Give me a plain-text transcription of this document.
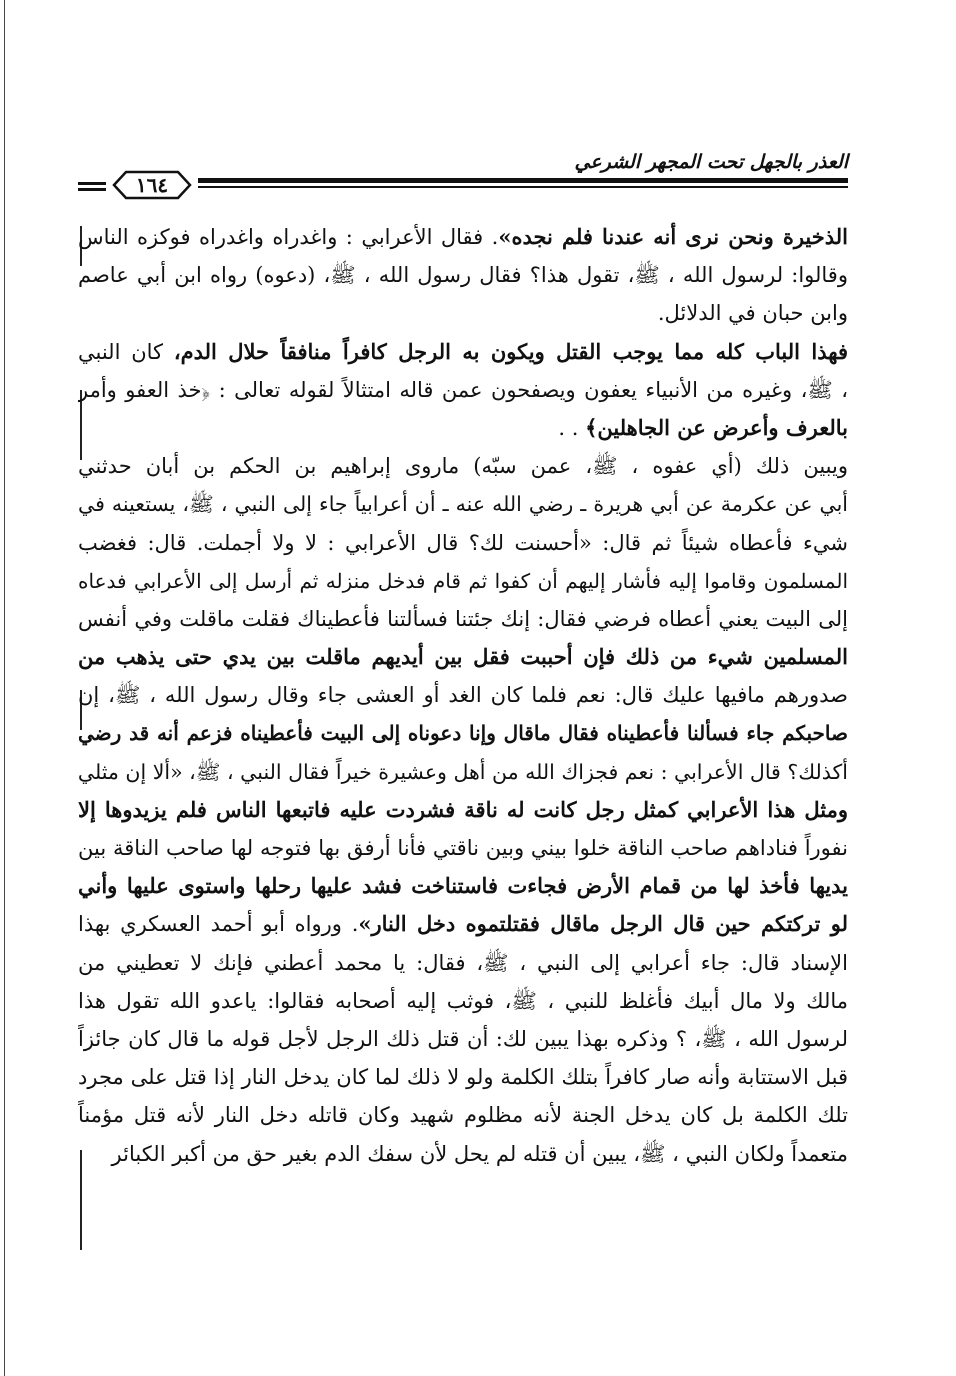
العذر بالجهل تحت المجهر الشرعي
١٦٤
الذخيرة ونحن نرى أنه عندنا فلم نجده». فقال الأعرابي : واغدراه واغدراه فوكزه الناس
وقالوا: لرسول الله ، ﷺ، تقول هذا؟ فقال رسول الله ، ﷺ، (دعوه) رواه ابن أبي عاصم
وابن حبان في الدلائل.
فهذا الباب كله مما يوجب القتل ويكون به الرجل كافراً منافقاً حلال الدم، كان النبي
، ﷺ، وغيره من الأنبياء يعفون ويصفحون عمن قاله امتثالاً لقوله تعالى : ﴿خذ العفو وأمر
بالعرف وأعرض عن الجاهلين﴾ . .
ويبين ذلك (أي عفوه ، ﷺ، عمن سبّه) ماروى إبراهيم بن الحكم بن أبان حدثني
أبي عن عكرمة عن أبي هريرة ـ رضي الله عنه ـ أن أعرابياً جاء إلى النبي ، ﷺ، يستعينه في
شيء فأعطاه شيئاً ثم قال: «أحسنت لك؟ قال الأعرابي : لا ولا أجملت. قال: فغضب
المسلمون وقاموا إليه فأشار إليهم أن كفوا ثم قام فدخل منزله ثم أرسل إلى الأعرابي فدعاه
إلى البيت يعني أعطاه فرضي فقال: إنك جئتنا فسألتنا فأعطيناك فقلت ماقلت وفي أنفس
المسلمين شيء من ذلك فإن أحببت فقل بين أيديهم ماقلت بين يدي حتى يذهب من
صدورهم مافيها عليك قال: نعم فلما كان الغد أو العشى جاء وقال رسول الله ، ﷺ، إن
صاحبكم جاء فسألنا فأعطيناه فقال ماقال وإنا دعوناه إلى البيت فأعطيناه فزعم أنه قد رضي
أكذلك؟ قال الأعرابي : نعم فجزاك الله من أهل وعشيرة خيراً فقال النبي ، ﷺ، «ألا إن مثلي
ومثل هذا الأعرابي كمثل رجل كانت له ناقة فشردت عليه فاتبعها الناس فلم يزيدوها إلا
نفوراً فناداهم صاحب الناقة خلوا بيني وبين ناقتي فأنا أرفق بها فتوجه لها صاحب الناقة بين
يديها فأخذ لها من قمام الأرض فجاءت فاستناخت فشد عليها رحلها واستوى عليها وأني
لو تركتكم حين قال الرجل ماقال فقتلتموه دخل النار». ورواه أبو أحمد العسكري بهذا
الإسناد قال: جاء أعرابي إلى النبي ، ﷺ، فقال: يا محمد أعطني فإنك لا تعطيني من
مالك ولا مال أبيك فأغلظ للنبي ، ﷺ، فوثب إليه أصحابه فقالوا: ياعدو الله تقول هذا
لرسول الله ، ﷺ، ؟ وذكره بهذا يبين لك: أن قتل ذلك الرجل لأجل قوله ما قال كان جائزاً
قبل الاستتابة وأنه صار كافراً بتلك الكلمة ولو لا ذلك لما كان يدخل النار إذا قتل على مجرد
تلك الكلمة بل كان يدخل الجنة لأنه مظلوم شهيد وكان قاتله دخل النار لأنه قتل مؤمناً
متعمداً ولكان النبي ، ﷺ، يبين أن قتله لم يحل لأن سفك الدم بغير حق من أكبر الكبائر
